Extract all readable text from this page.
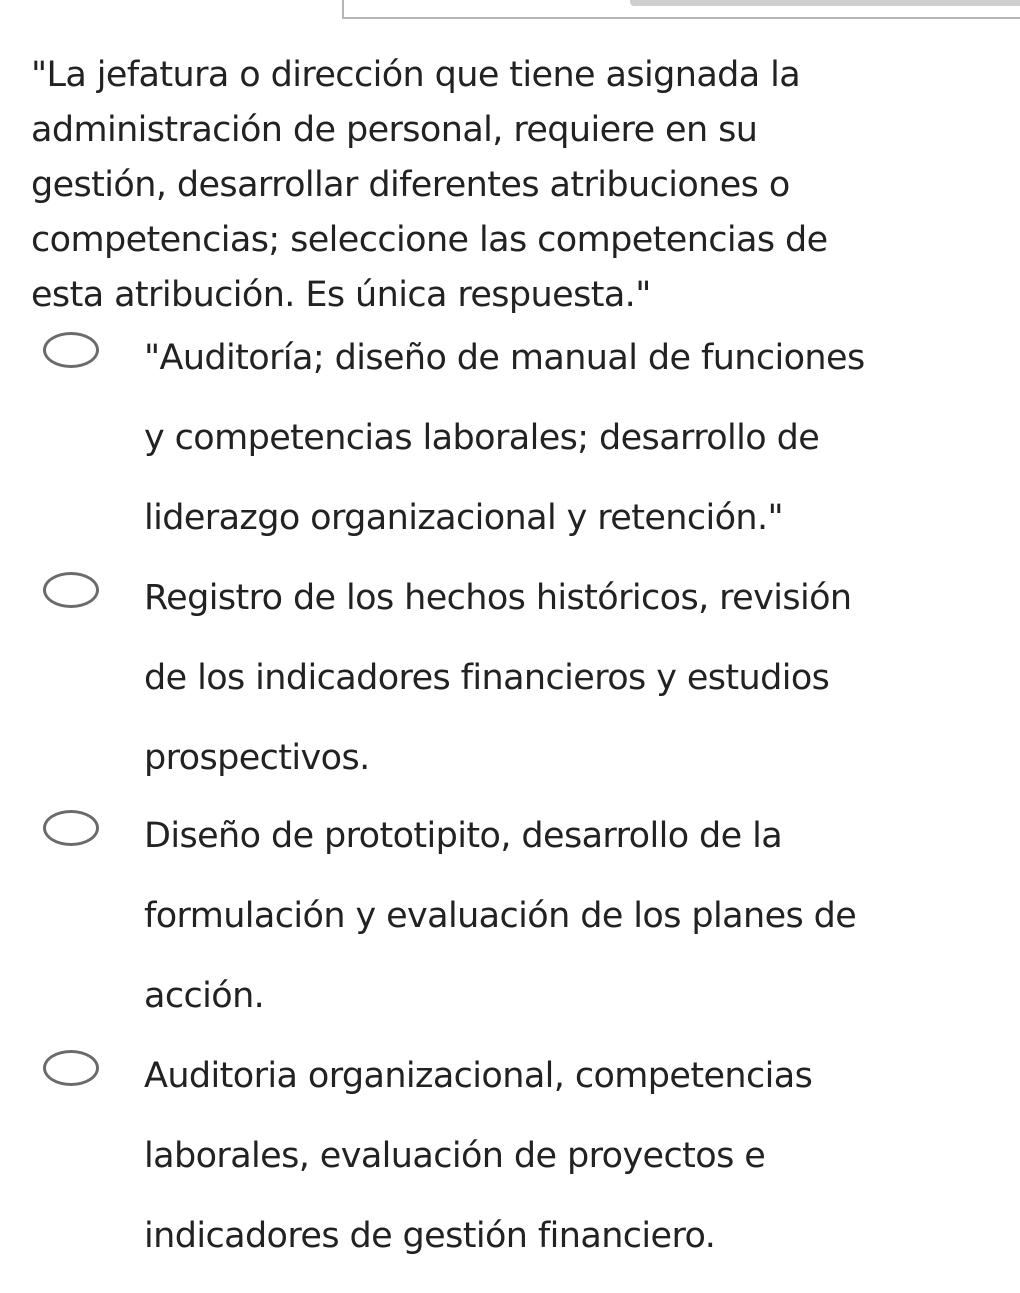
"La jefatura o dirección que tiene asignada la
administración de personal, requiere en su
gestión, desarrollar diferentes atribuciones o
competencias; seleccione las competencias de
esta atribución. Es única respuesta."

"Auditoría; diseño de manual de funciones
y competencias laborales; desarrollo de
liderazgo organizacional y retención."

Registro de los hechos históricos, revisión
de los indicadores financieros y estudios
prospectivos.

Diseño de prototipito, desarrollo de la
formulación y evaluación de los planes de
acción.

Auditoria organizacional, competencias
laborales, evaluación de proyectos e
indicadores de gestión financiero.
